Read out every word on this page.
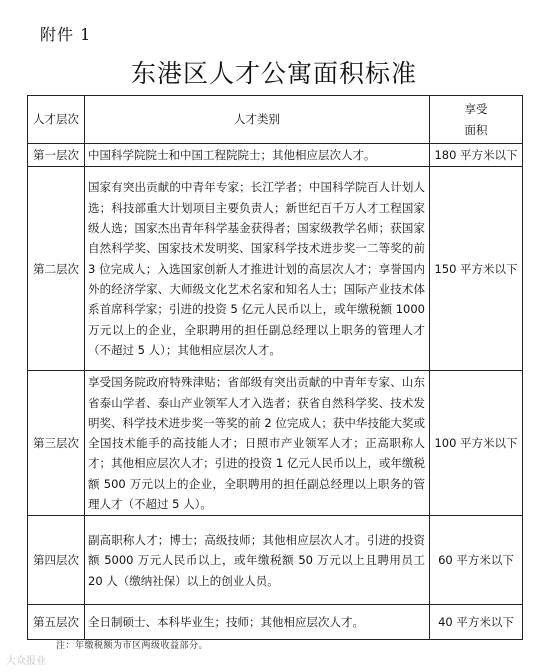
附件 1
东港区人才公寓面积标准
人才层次	人才类别	享受
面积

第一层次	中国科学院院士和中国工程院院士；其他相应层次人才。	180 平方米以下
第二层次	国家有突出贡献的中青年专家；长江学者；中国科学院百人计划人选；科技部重大计划项目主要负责人；新世纪百千万人才工程国家级人选；国家杰出青年科学基金获得者；国家级教学名师；获国家自然科学奖、国家技术发明奖、国家科学技术进步奖一二等奖的前 3 位完成人；入选国家创新人才推进计划的高层次人才；享誉国内外的经济学家、大师级文化艺术名家和知名人士；国际产业技术体系首席科学家；引进的投资 5 亿元人民币以上，或年缴税额 1000 万元以上的企业，全职聘用的担任副总经理以上职务的管理人才（不超过 5 人）；其他相应层次人才。	150 平方米以下
第三层次	享受国务院政府特殊津贴；省部级有突出贡献的中青年专家、山东省泰山学者、泰山产业领军人才入选者；获省自然科学奖、技术发明奖、科学技术进步奖一等奖的前 2 位完成人；获中华技能大奖或全国技术能手的高技能人才；日照市产业领军人才；正高职称人才；其他相应层次人才；引进的投资 1 亿元人民币以上，或年缴税额 500 万元以上的企业，全职聘用的担任副总经理以上职务的管理人才（不超过 5 人）。	100 平方米以下
第四层次	副高职称人才；博士；高级技师；其他相应层次人才。引进的投资额 5000 万元人民币以上，或年缴税额 50 万元以上且聘用员工 20 人（缴纳社保）以上的创业人员。	60 平方米以下
第五层次	全日制硕士、本科毕业生；技师；其他相应层次人才。	40 平方米以下
注：年缴税额为市区两级收益部分。
大众报业
